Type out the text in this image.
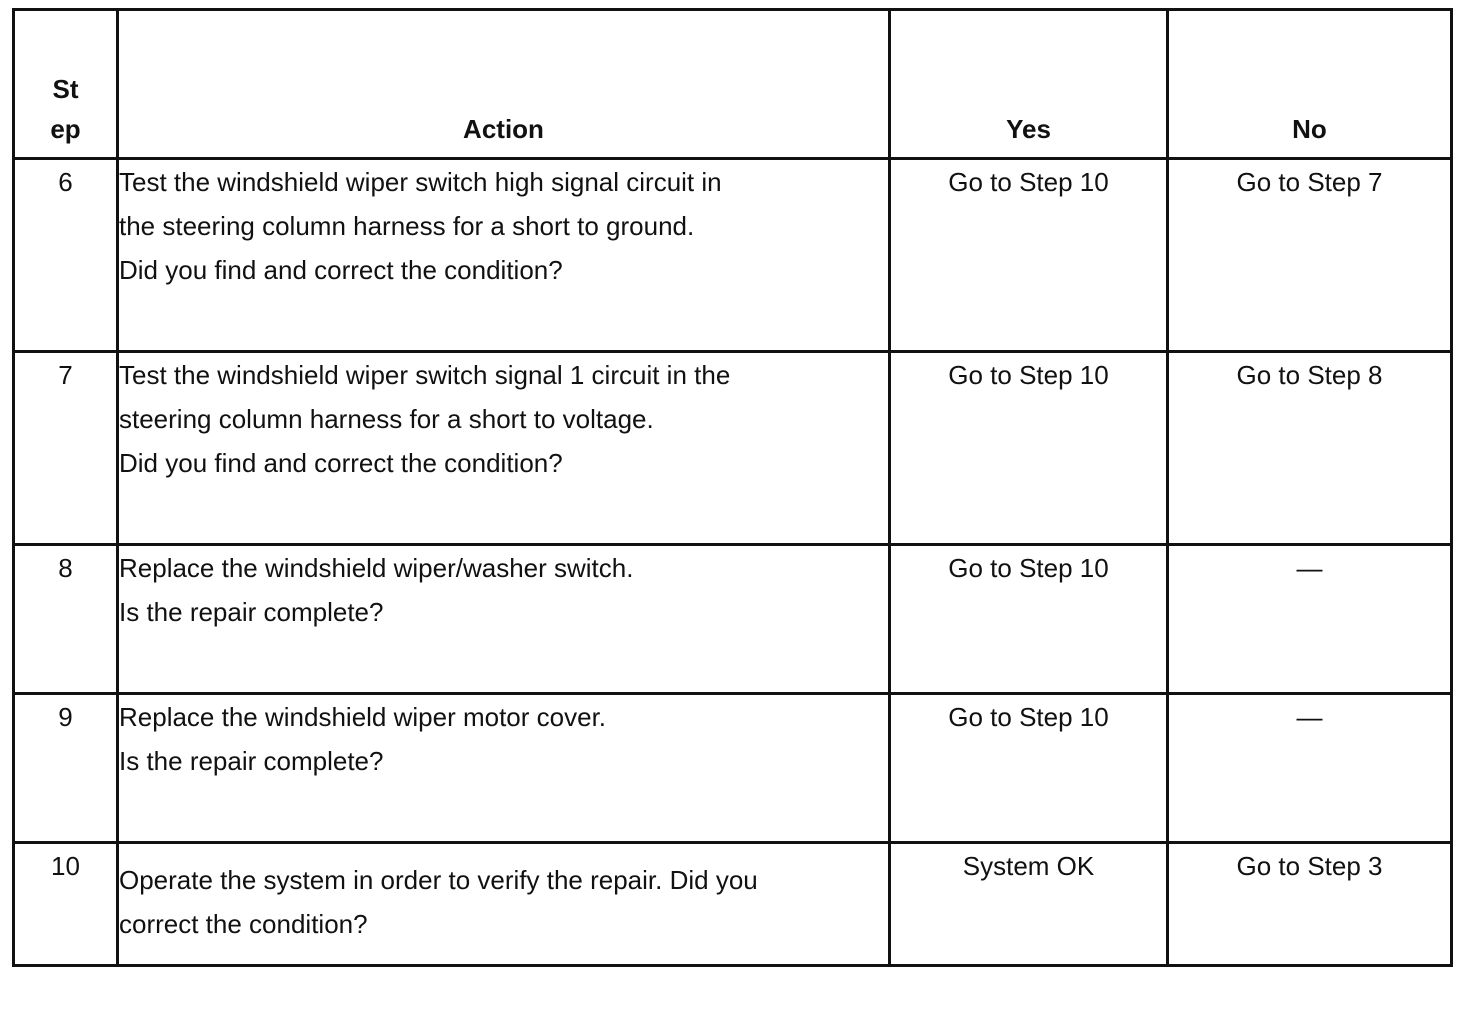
St
ep	Action	Yes	No
6	Test the windshield wiper switch high signal circuit in
the steering column harness for a short to ground.
Did you find and correct the condition?	Go to Step 10	Go to Step 7
7	Test the windshield wiper switch signal 1 circuit in the
steering column harness for a short to voltage.
Did you find and correct the condition?	Go to Step 10	Go to Step 8
8	Replace the windshield wiper/washer switch.
Is the repair complete?	Go to Step 10	—
9	Replace the windshield wiper motor cover.
Is the repair complete?	Go to Step 10	—
10	Operate the system in order to verify the repair. Did you
correct the condition?	System OK	Go to Step 3
